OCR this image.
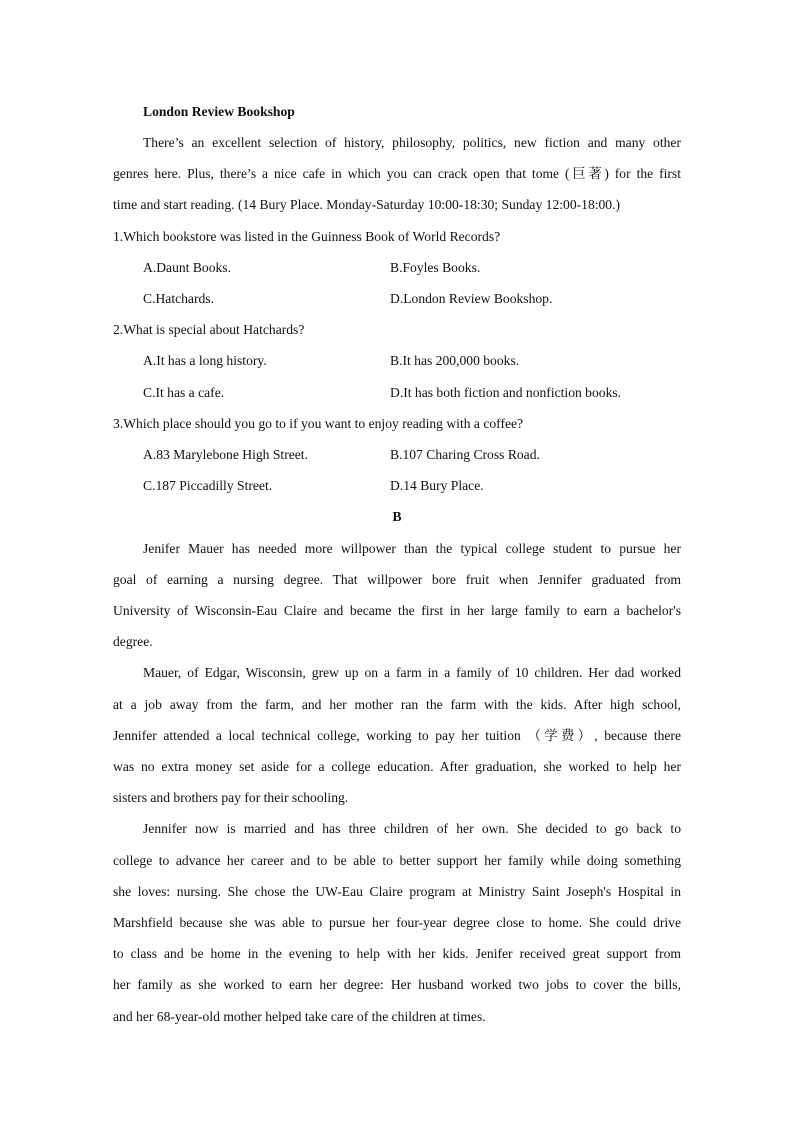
London Review Bookshop
There’s an excellent selection of history, philosophy, politics, new fiction and many other
genres here. Plus, there’s a nice cafe in which you can crack open that tome (巨著) for the first
time and start reading. (14 Bury Place. Monday-Saturday 10:00-18:30; Sunday 12:00-18:00.)
1.Which bookstore was listed in the Guinness Book of World Records?
A.Daunt Books.	B.Foyles Books.
C.Hatchards.	D.London Review Bookshop.
2.What is special about Hatchards?
A.It has a long history.	B.It has 200,000 books.
C.It has a cafe.	D.It has both fiction and nonfiction books.
3.Which place should you go to if you want to enjoy reading with a coffee?
A.83 Marylebone High Street.	B.107 Charing Cross Road.
C.187 Piccadilly Street.	D.14 Bury Place.
B
Jenifer Mauer has needed more willpower than the typical college student to pursue her
goal of earning a nursing degree. That willpower bore fruit when Jennifer graduated from
University of Wisconsin-Eau Claire and became the first in her large family to earn a bachelor's
degree.
Mauer, of Edgar, Wisconsin, grew up on a farm in a family of 10 children. Her dad worked
at a job away from the farm, and her mother ran the farm with the kids. After high school,
Jennifer attended a local technical college, working to pay her tuition （学费）, because there
was no extra money set aside for a college education. After graduation, she worked to help her
sisters and brothers pay for their schooling.
Jennifer now is married and has three children of her own. She decided to go back to
college to advance her career and to be able to better support her family while doing something
she loves: nursing. She chose the UW-Eau Claire program at Ministry Saint Joseph's Hospital in
Marshfield because she was able to pursue her four-year degree close to home. She could drive
to class and be home in the evening to help with her kids. Jenifer received great support from
her family as she worked to earn her degree: Her husband worked two jobs to cover the bills,
and her 68-year-old mother helped take care of the children at times.
